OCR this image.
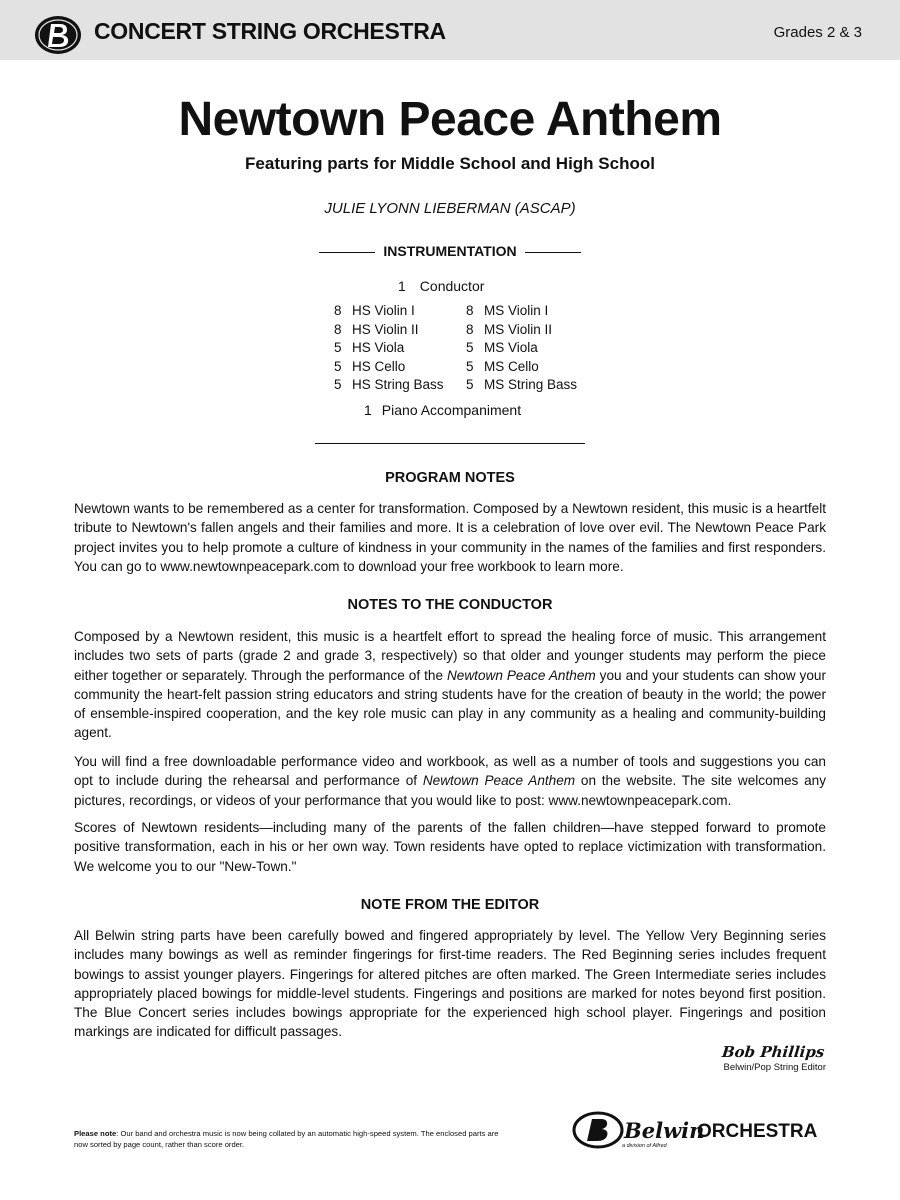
CONCERT STRING ORCHESTRA	Grades 2 & 3
Newtown Peace Anthem
Featuring parts for Middle School and High School
JULIE LYONN LIEBERMAN (ASCAP)
INSTRUMENTATION
1 Conductor
8 HS Violin I
8 HS Violin II
5 HS Viola
5 HS Cello
5 HS String Bass
8 MS Violin I
8 MS Violin II
5 MS Viola
5 MS Cello
5 MS String Bass
1 Piano Accompaniment
PROGRAM NOTES
Newtown wants to be remembered as a center for transformation. Composed by a Newtown resident, this music is a heartfelt tribute to Newtown's fallen angels and their families and more. It is a celebration of love over evil. The Newtown Peace Park project invites you to help promote a culture of kindness in your community in the names of the families and first responders. You can go to www.newtownpeacepark.com to download your free workbook to learn more.
NOTES TO THE CONDUCTOR
Composed by a Newtown resident, this music is a heartfelt effort to spread the healing force of music. This arrangement includes two sets of parts (grade 2 and grade 3, respectively) so that older and younger students may perform the piece either together or separately. Through the performance of the Newtown Peace Anthem you and your students can show your community the heart-felt passion string educators and string students have for the creation of beauty in the world; the power of ensemble-inspired cooperation, and the key role music can play in any community as a healing and community-building agent.
You will find a free downloadable performance video and workbook, as well as a number of tools and suggestions you can opt to include during the rehearsal and performance of Newtown Peace Anthem on the website. The site welcomes any pictures, recordings, or videos of your performance that you would like to post: www.newtownpeacepark.com.
Scores of Newtown residents—including many of the parents of the fallen children—have stepped forward to promote positive transformation, each in his or her own way. Town residents have opted to replace victimization with transformation. We welcome you to our "New-Town."
NOTE FROM THE EDITOR
All Belwin string parts have been carefully bowed and fingered appropriately by level. The Yellow Very Beginning series includes many bowings as well as reminder fingerings for first-time readers. The Red Beginning series includes frequent bowings to assist younger players. Fingerings for altered pitches are often marked. The Green Intermediate series includes appropriately placed bowings for middle-level students. Fingerings and positions are marked for notes beyond first position. The Blue Concert series includes bowings appropriate for the experienced high school player. Fingerings and position markings are indicated for difficult passages.
Bob Phillips
Belwin/Pop String Editor
Please note: Our band and orchestra music is now being collated by an automatic high-speed system. The enclosed parts are now sorted by page count, rather than score order.
Belwin
ORCHESTRA
a division of Alfred
